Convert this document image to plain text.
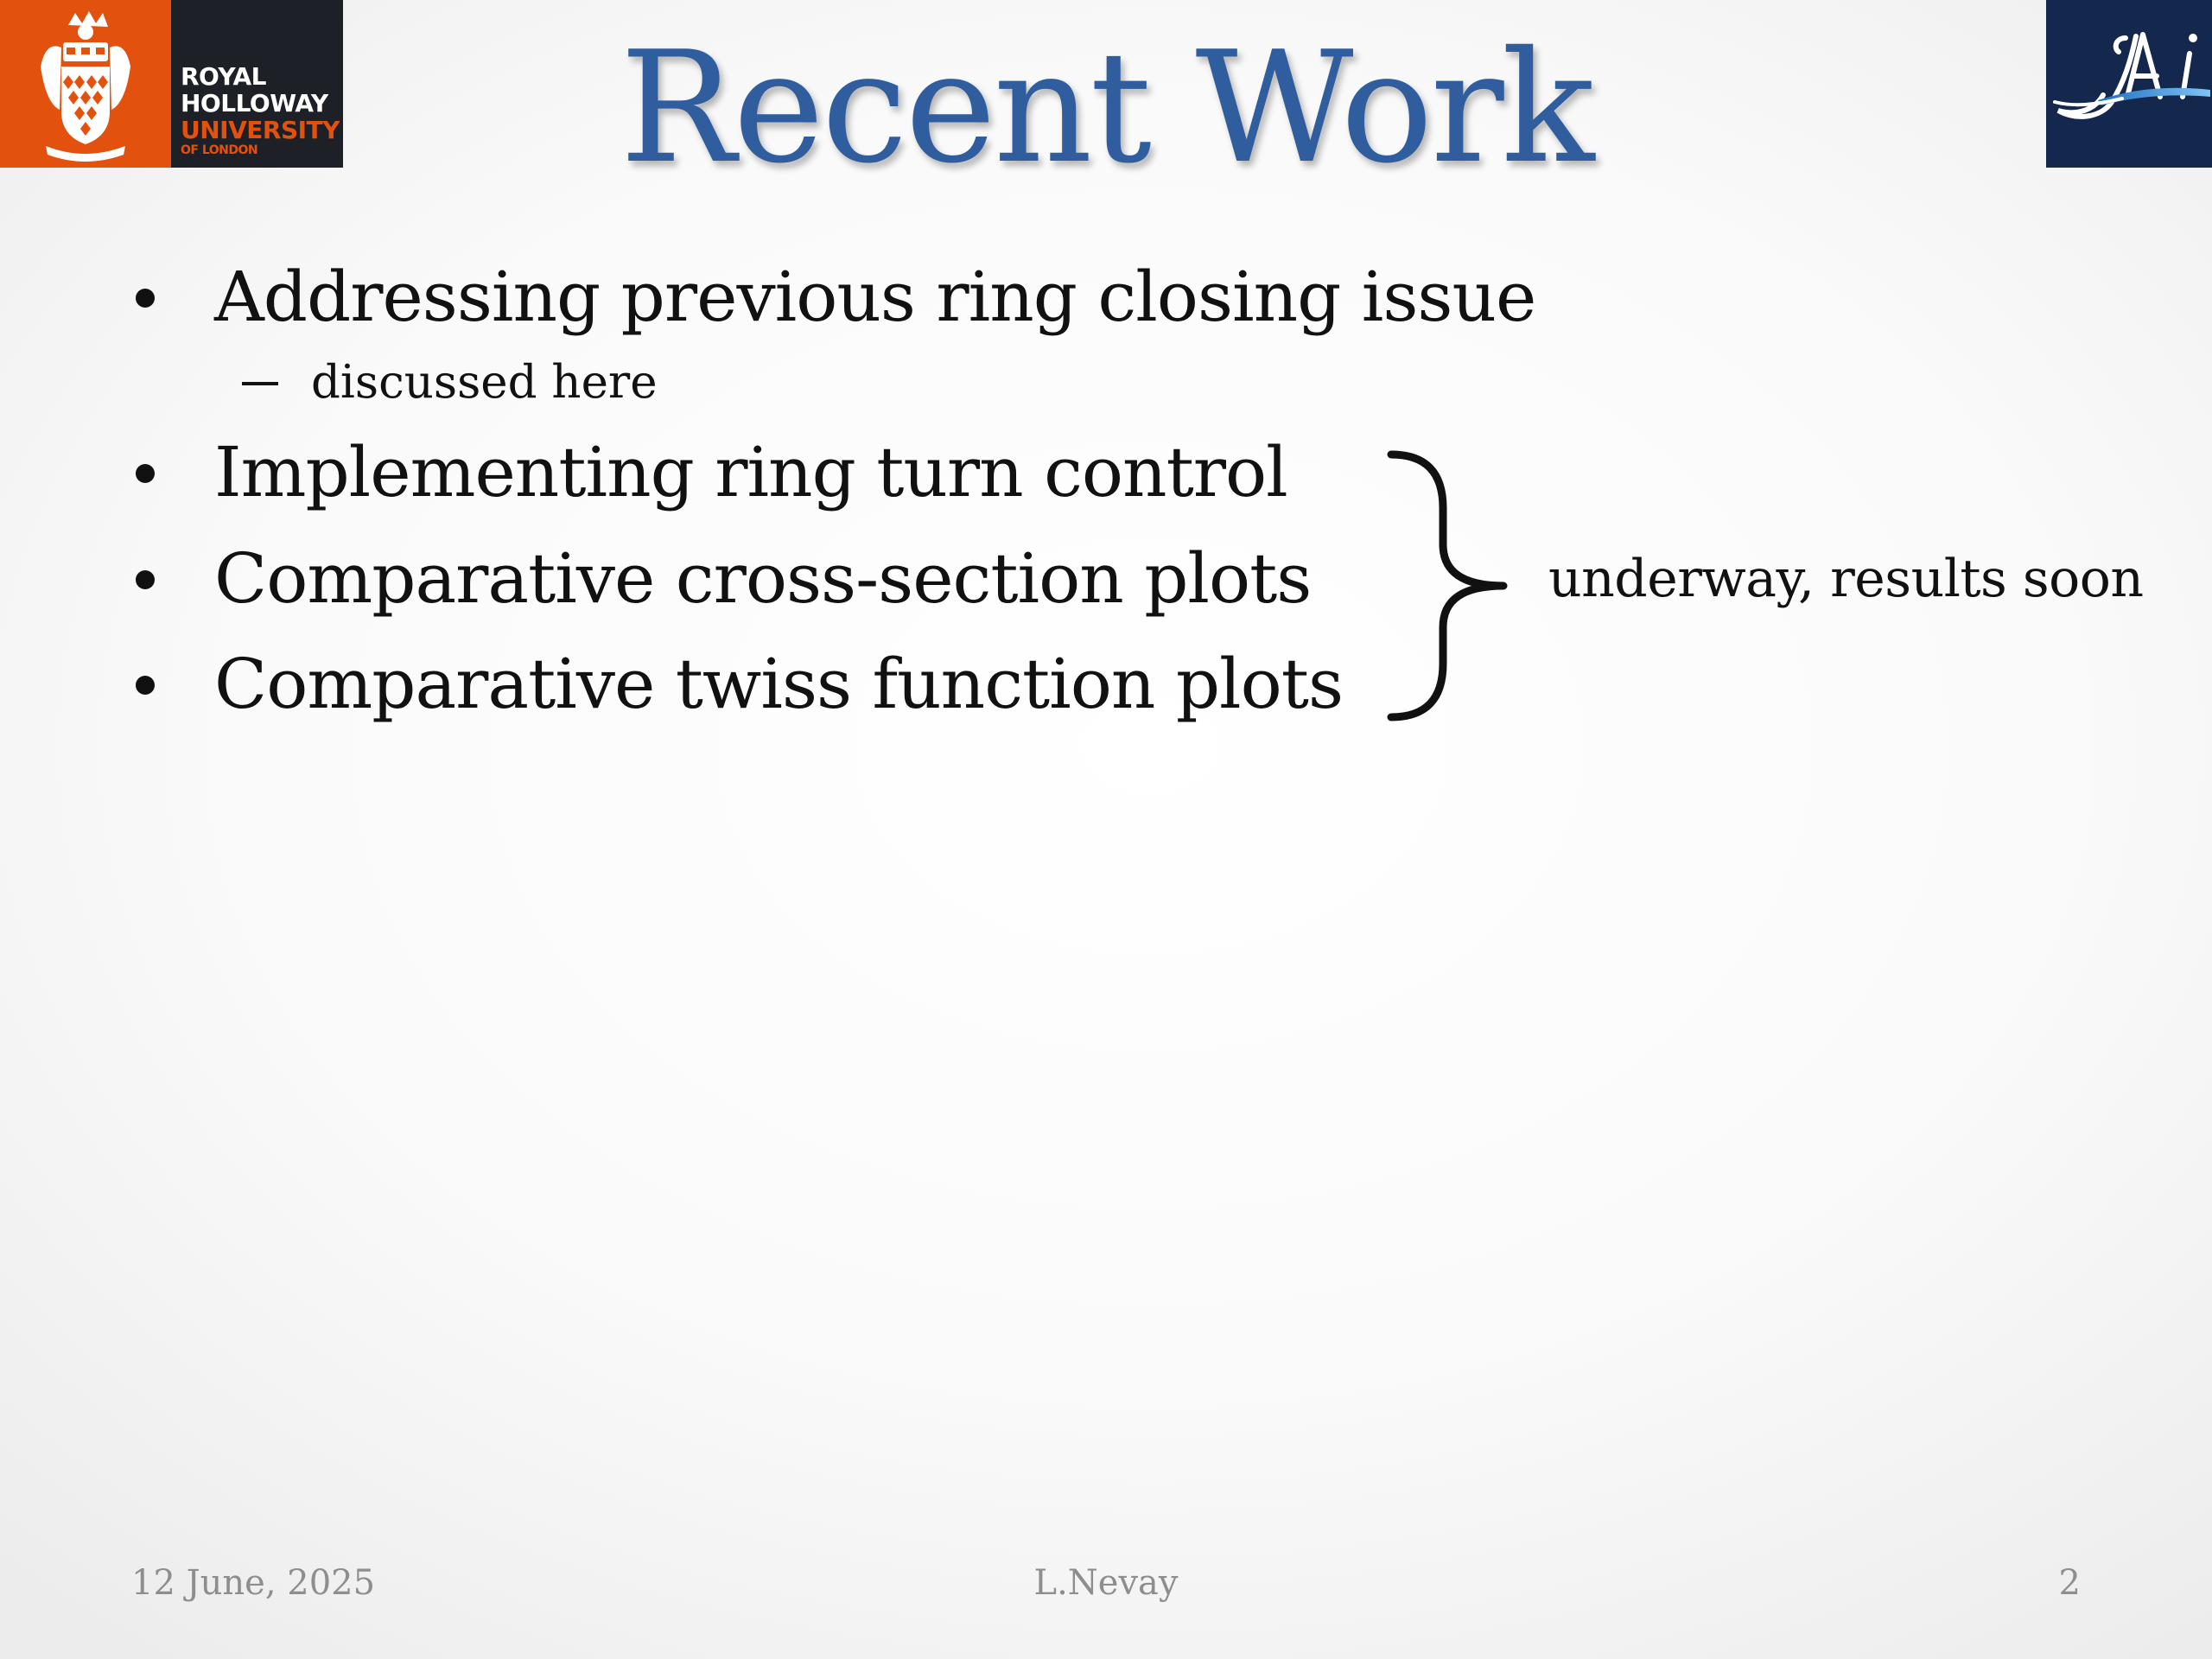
ROYAL
HOLLOWAY
UNIVERSITY
OF LONDON	Recent Work
Addressing previous ring closing issue
discussed here
Implementing ring turn control
Comparative cross-section plots
Comparative twiss function plots
underway, results soon
12 June, 2025	L.Nevay	2
